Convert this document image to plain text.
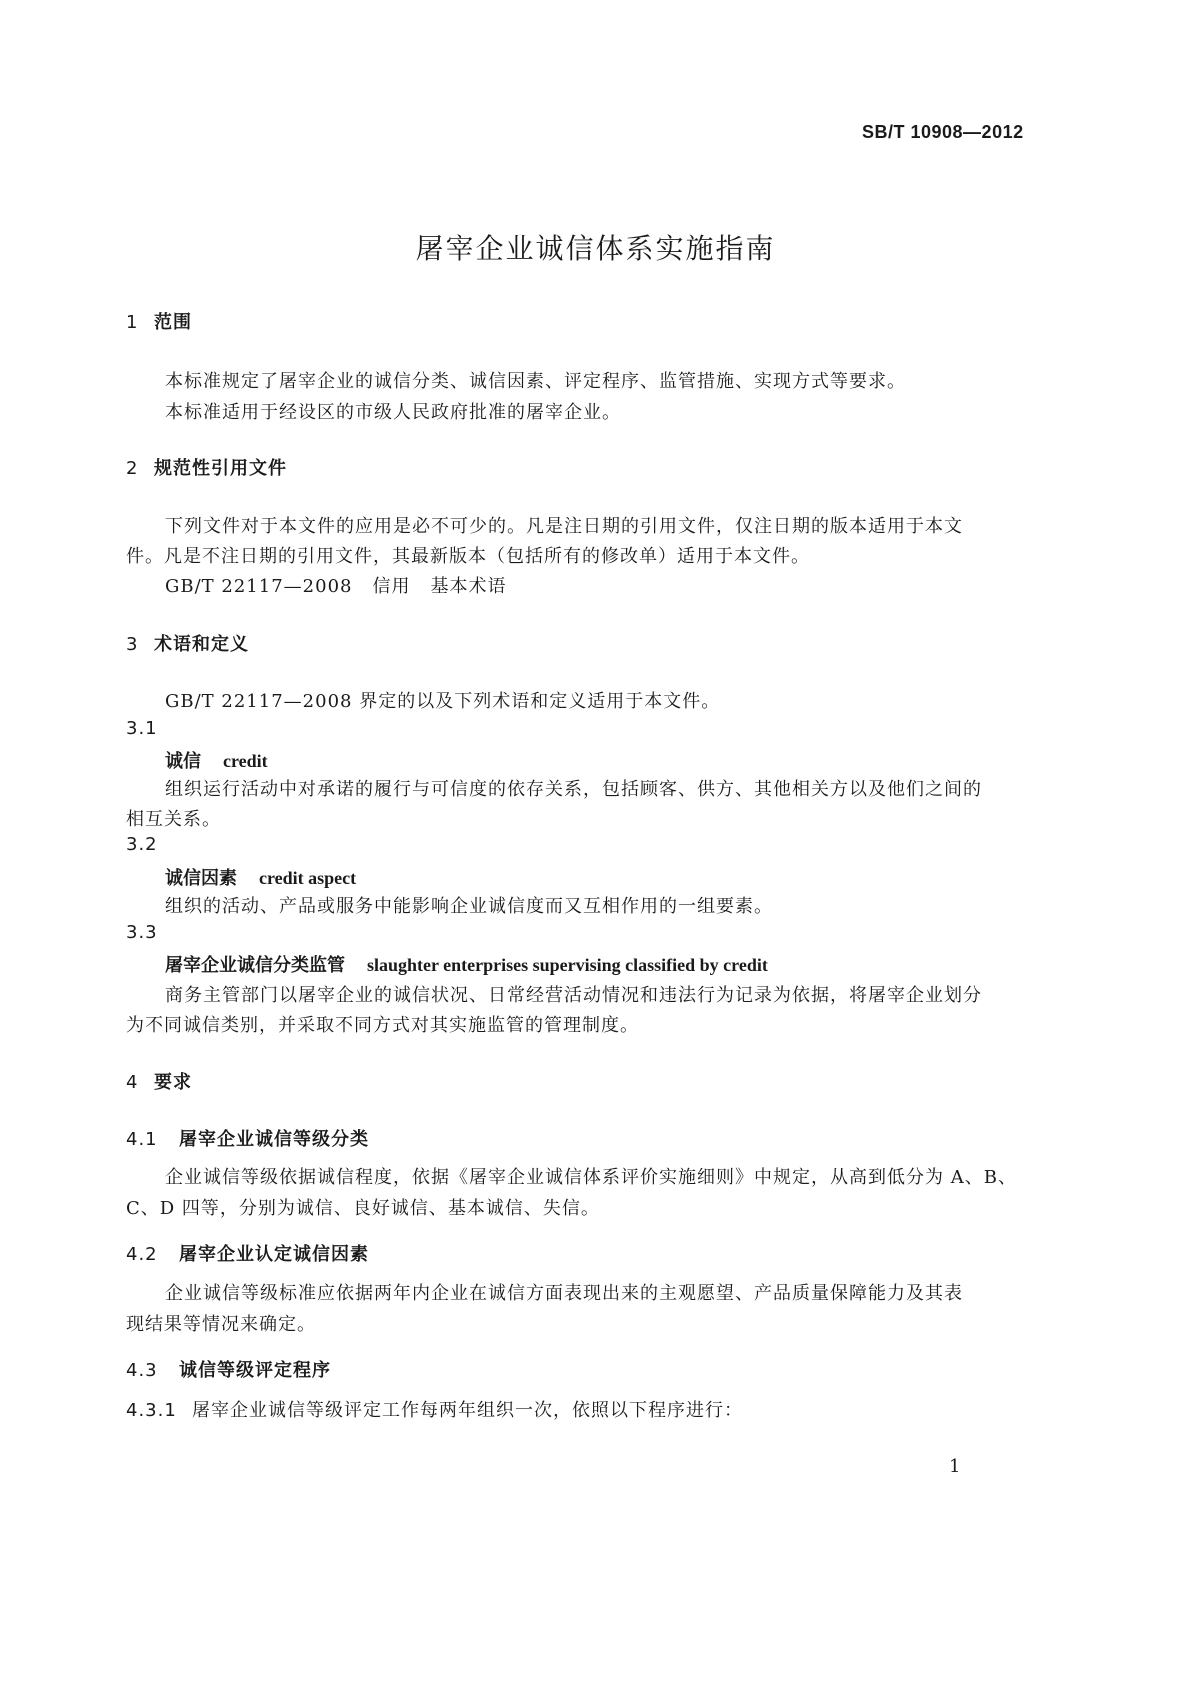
SB/T 10908—2012
屠宰企业诚信体系实施指南
1 范围
本标准规定了屠宰企业的诚信分类、诚信因素、评定程序、监管措施、实现方式等要求。
本标准适用于经设区的市级人民政府批准的屠宰企业。
2 规范性引用文件
下列文件对于本文件的应用是必不可少的。凡是注日期的引用文件，仅注日期的版本适用于本文
件。凡是不注日期的引用文件，其最新版本（包括所有的修改单）适用于本文件。
GB/T 22117—2008 信用 基本术语
3 术语和定义
GB/T 22117—2008 界定的以及下列术语和定义适用于本文件。
3.1
诚信 credit
组织运行活动中对承诺的履行与可信度的依存关系，包括顾客、供方、其他相关方以及他们之间的
相互关系。
3.2
诚信因素 credit aspect
组织的活动、产品或服务中能影响企业诚信度而又互相作用的一组要素。
3.3
屠宰企业诚信分类监管 slaughter enterprises supervising classified by credit
商务主管部门以屠宰企业的诚信状况、日常经营活动情况和违法行为记录为依据，将屠宰企业划分
为不同诚信类别，并采取不同方式对其实施监管的管理制度。
4 要求
4.1 屠宰企业诚信等级分类
企业诚信等级依据诚信程度，依据《屠宰企业诚信体系评价实施细则》中规定，从高到低分为 A、B、
C、D 四等，分别为诚信、良好诚信、基本诚信、失信。
4.2 屠宰企业认定诚信因素
企业诚信等级标准应依据两年内企业在诚信方面表现出来的主观愿望、产品质量保障能力及其表
现结果等情况来确定。
4.3 诚信等级评定程序
4.3.1 屠宰企业诚信等级评定工作每两年组织一次，依照以下程序进行：
1
